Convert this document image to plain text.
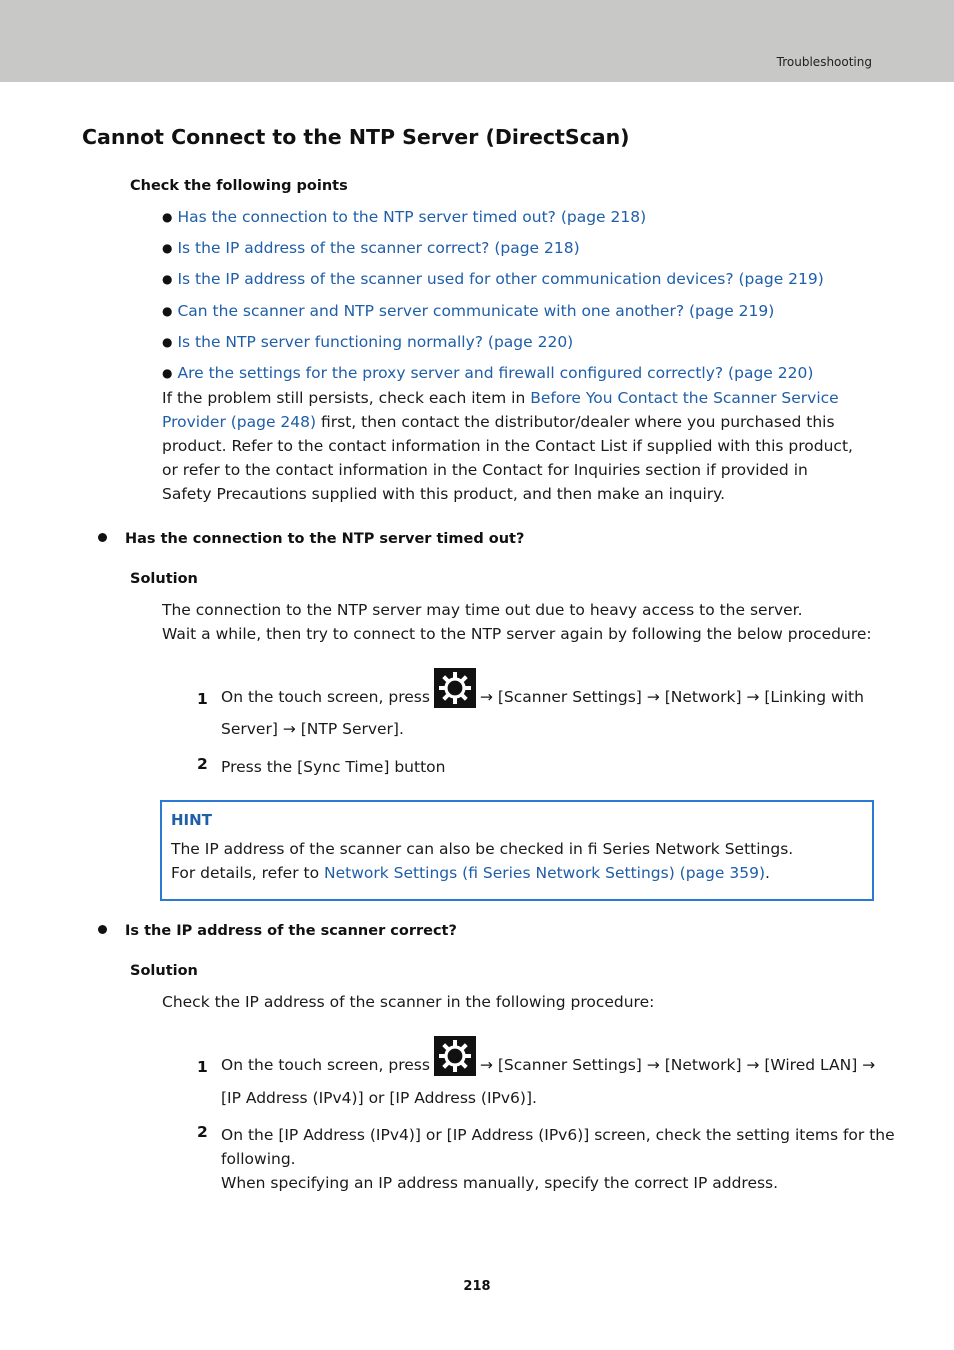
Troubleshooting
Cannot Connect to the NTP Server (DirectScan)
Check the following points
● Has the connection to the NTP server timed out? (page 218)
● Is the IP address of the scanner correct? (page 218)
● Is the IP address of the scanner used for other communication devices? (page 219)
● Can the scanner and NTP server communicate with one another? (page 219)
● Is the NTP server functioning normally? (page 220)
● Are the settings for the proxy server and firewall configured correctly? (page 220)
If the problem still persists, check each item in Before You Contact the Scanner Service Provider (page 248) first, then contact the distributor/dealer where you purchased this product. Refer to the contact information in the Contact List if supplied with this product, or refer to the contact information in the Contact for Inquiries section if provided in Safety Precautions supplied with this product, and then make an inquiry.
Has the connection to the NTP server timed out?
Solution
The connection to the NTP server may time out due to heavy access to the server.
Wait a while, then try to connect to the NTP server again by following the below procedure:
1 On the touch screen, press	→ [Scanner Settings] → [Network] → [Linking with
Server] → [NTP Server].
2 Press the [Sync Time] button
HINT
The IP address of the scanner can also be checked in fi Series Network Settings.
For details, refer to Network Settings (fi Series Network Settings) (page 359).
Is the IP address of the scanner correct?
Solution
Check the IP address of the scanner in the following procedure:
1 On the touch screen, press	→ [Scanner Settings] → [Network] → [Wired LAN] →
[IP Address (IPv4)] or [IP Address (IPv6)].
2 On the [IP Address (IPv4)] or [IP Address (IPv6)] screen, check the setting items for the
following.
When specifying an IP address manually, specify the correct IP address.
218
